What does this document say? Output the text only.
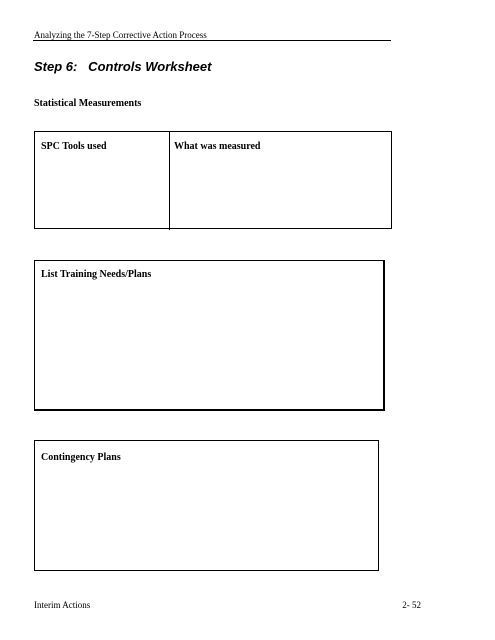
Analyzing the 7-Step Corrective Action Process
Step 6:   Controls Worksheet
Statistical Measurements
SPC Tools used	What was measured
List Training Needs/Plans
Contingency Plans
Interim Actions	2- 52
